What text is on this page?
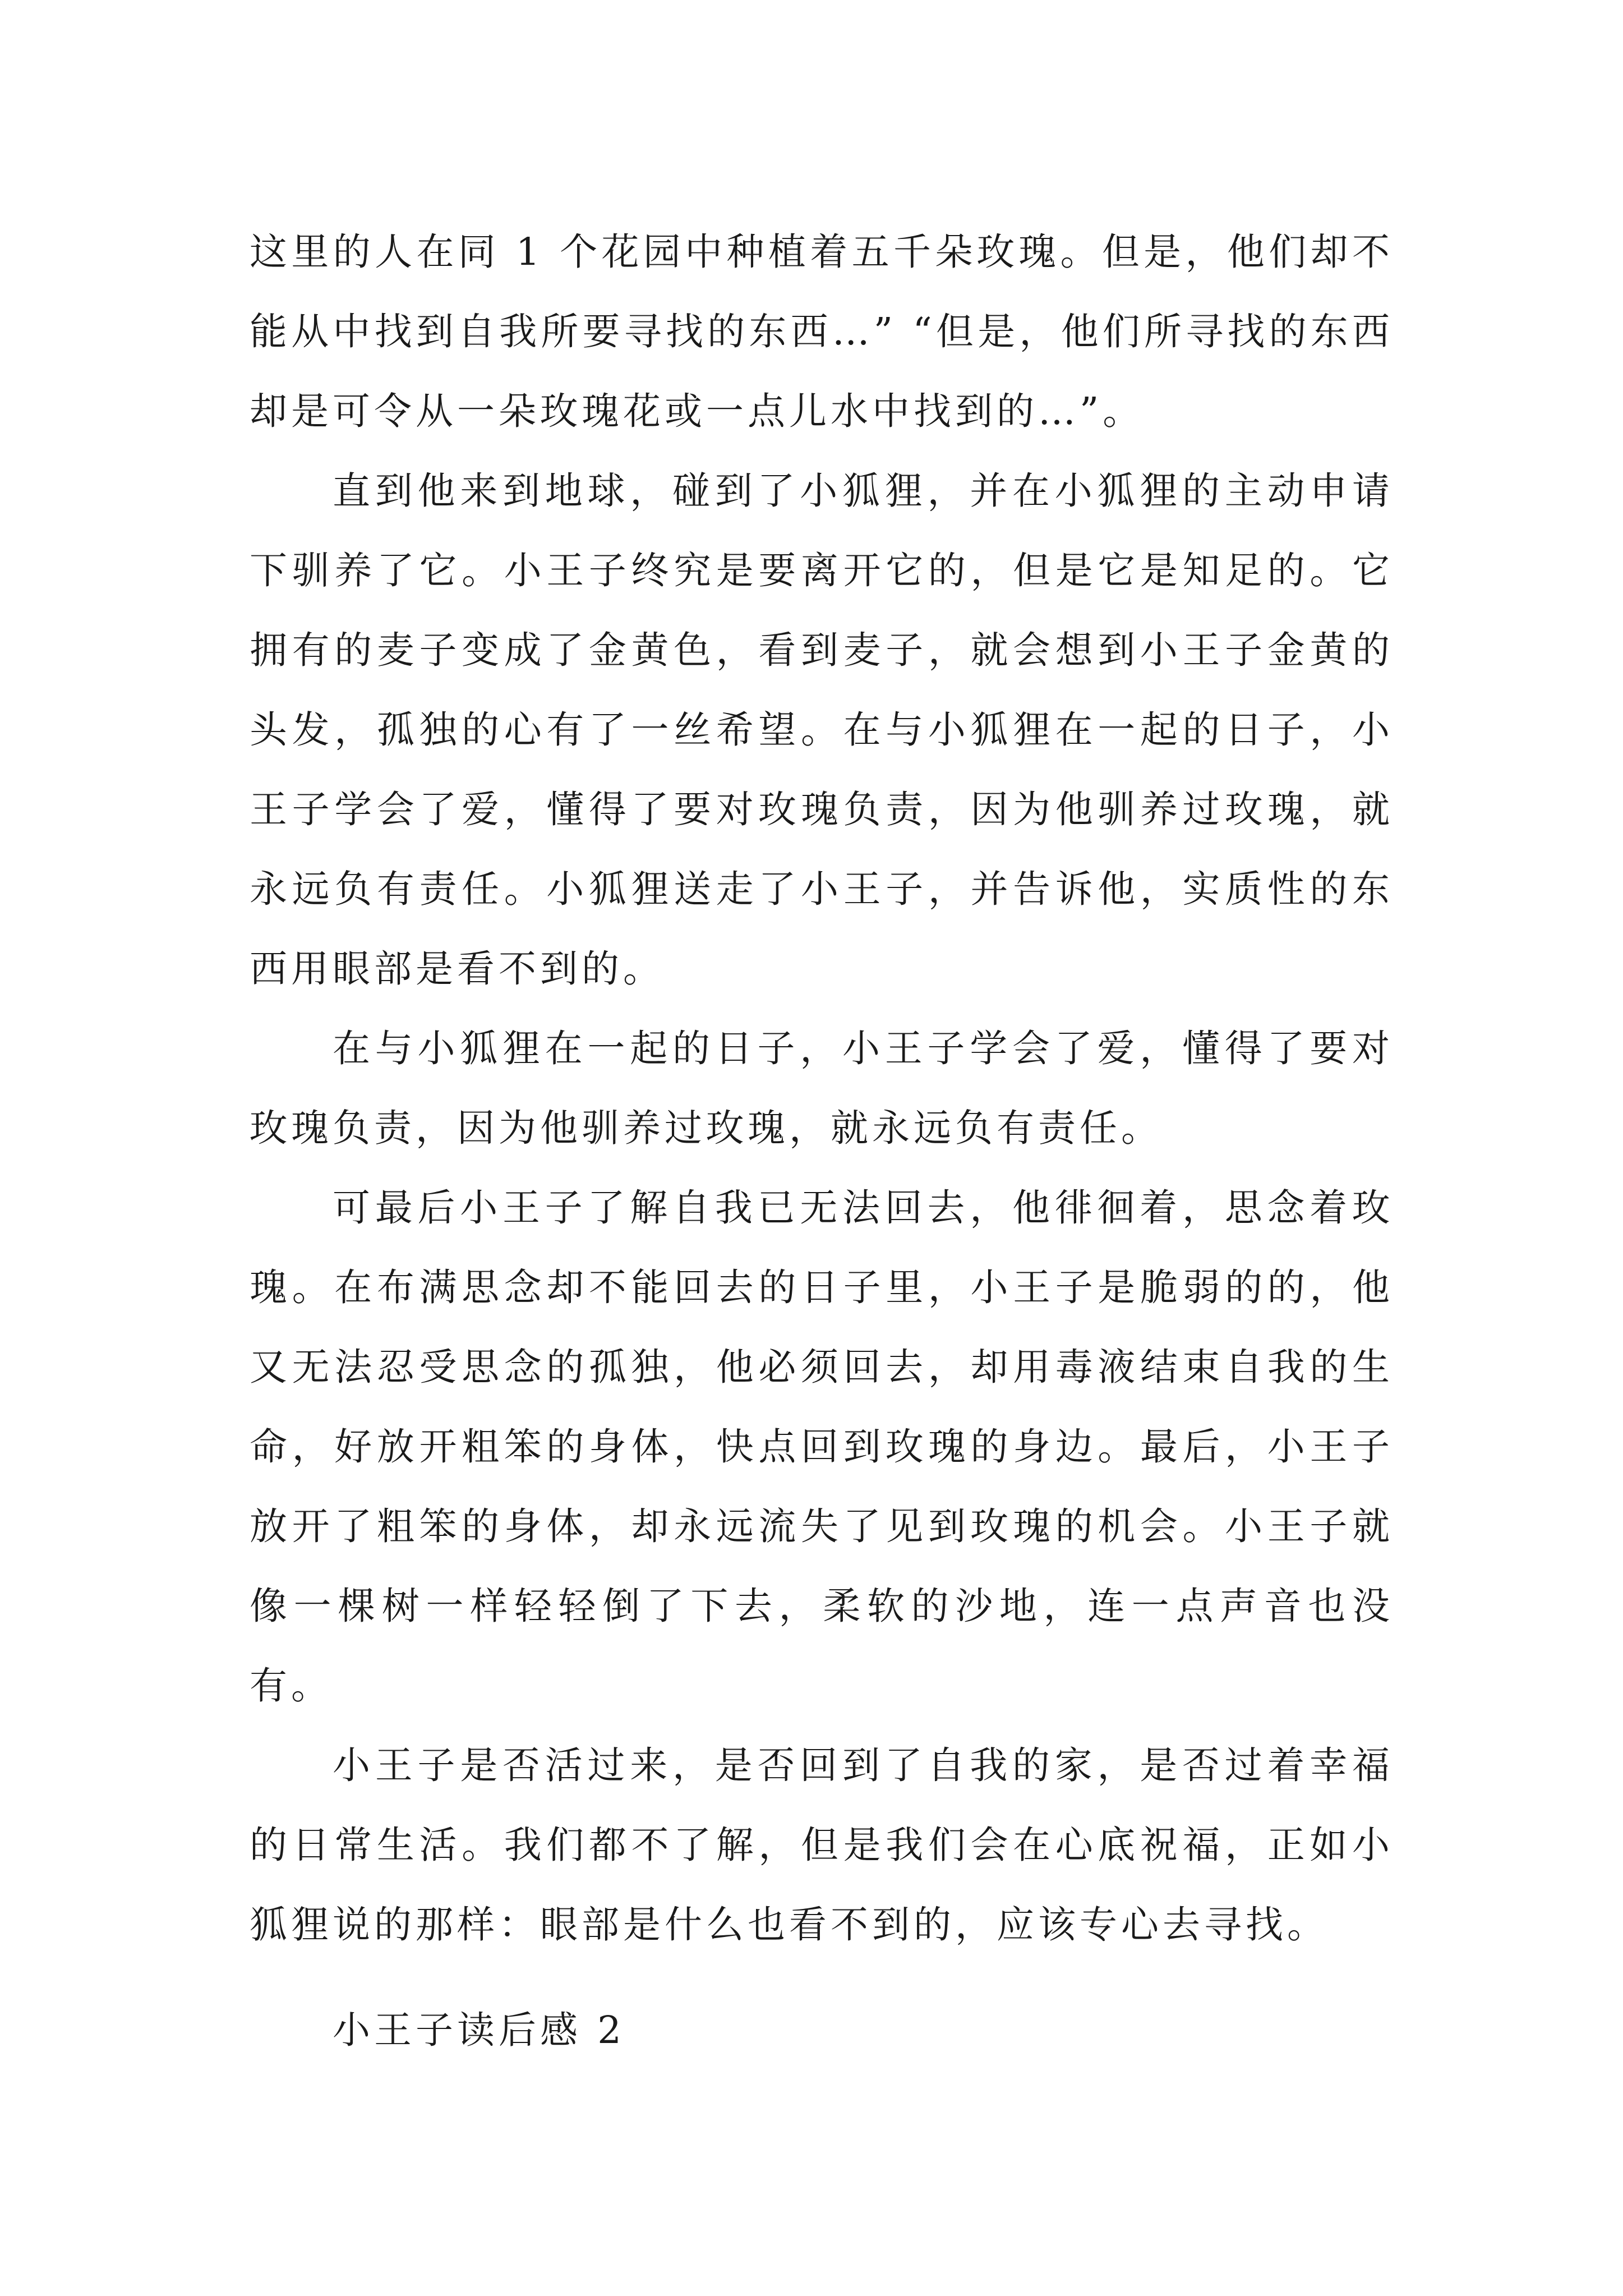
这里的人在同 1 个花园中种植着五千朵玫瑰。但是，他们却不能从中找到自我所要寻找的东西…” “但是，他们所寻找的东西却是可令从一朵玫瑰花或一点儿水中找到的…”。

直到他来到地球，碰到了小狐狸，并在小狐狸的主动申请下驯养了它。小王子终究是要离开它的，但是它是知足的。它拥有的麦子变成了金黄色，看到麦子，就会想到小王子金黄的头发，孤独的心有了一丝希望。在与小狐狸在一起的日子，小王子学会了爱，懂得了要对玫瑰负责，因为他驯养过玫瑰，就永远负有责任。小狐狸送走了小王子，并告诉他，实质性的东西用眼部是看不到的。

在与小狐狸在一起的日子，小王子学会了爱，懂得了要对玫瑰负责，因为他驯养过玫瑰，就永远负有责任。

可最后小王子了解自我已无法回去，他徘徊着，思念着玫瑰。在布满思念却不能回去的日子里，小王子是脆弱的的，他又无法忍受思念的孤独，他必须回去，却用毒液结束自我的生命，好放开粗笨的身体，快点回到玫瑰的身边。最后，小王子放开了粗笨的身体，却永远流失了见到玫瑰的机会。小王子就像一棵树一样轻轻倒了下去，柔软的沙地，连一点声音也没有。

小王子是否活过来，是否回到了自我的家，是否过着幸福的日常生活。我们都不了解，但是我们会在心底祝福，正如小狐狸说的那样：眼部是什么也看不到的，应该专心去寻找。

小王子读后感 2
